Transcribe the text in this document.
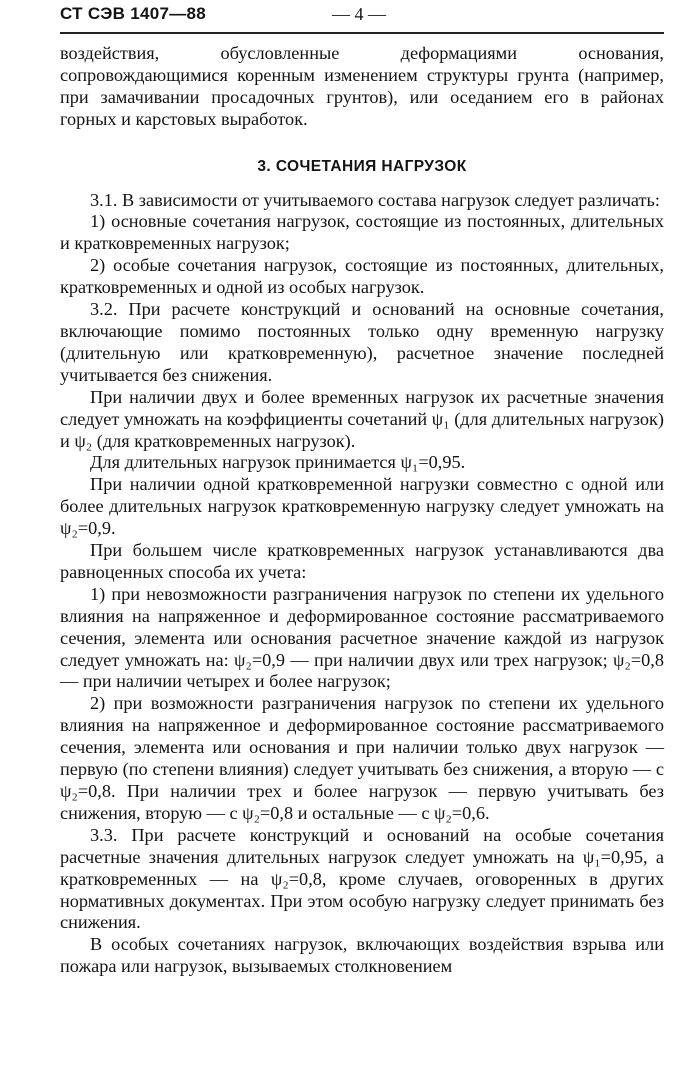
СТ СЭВ 1407—88	— 4 —

воздействия, обусловленные деформациями основания, сопровождающимися коренным изменением структуры грунта (например, при замачивании просадочных грунтов), или оседанием его в районах горных и карстовых выработок.

3. СОЧЕТАНИЯ НАГРУЗОК

3.1. В зависимости от учитываемого состава нагрузок следует различать:

1) основные сочетания нагрузок, состоящие из постоянных, длительных и кратковременных нагрузок;

2) особые сочетания нагрузок, состоящие из постоянных, длительных, кратковременных и одной из особых нагрузок.

3.2. При расчете конструкций и оснований на основные сочетания, включающие помимо постоянных только одну временную нагрузку (длительную или кратковременную), расчетное значение последней учитывается без снижения.

При наличии двух и более временных нагрузок их расчетные значения следует умножать на коэффициенты сочетаний ψ₁ (для длительных нагрузок) и ψ₂ (для кратковременных нагрузок).

Для длительных нагрузок принимается ψ₁=0,95.

При наличии одной кратковременной нагрузки совместно с одной или более длительных нагрузок кратковременную нагрузку следует умножать на ψ₂=0,9.

При большем числе кратковременных нагрузок устанавливаются два равноценных способа их учета:

1) при невозможности разграничения нагрузок по степени их удельного влияния на напряженное и деформированное состояние рассматриваемого сечения, элемента или основания расчетное значение каждой из нагрузок следует умножать на: ψ₂=0,9 — при наличии двух или трех нагрузок; ψ₂=0,8 — при наличии четырех и более нагрузок;

2) при возможности разграничения нагрузок по степени их удельного влияния на напряженное и деформированное состояние рассматриваемого сечения, элемента или основания и при наличии только двух нагрузок — первую (по степени влияния) следует учитывать без снижения, а вторую — с ψ₂=0,8. При наличии трех и более нагрузок — первую учитывать без снижения, вторую — с ψ₂=0,8 и остальные — с ψ₂=0,6.

3.3. При расчете конструкций и оснований на особые сочетания расчетные значения длительных нагрузок следует умножать на ψ₁=0,95, а кратковременных — на ψ₂=0,8, кроме случаев, оговоренных в других нормативных документах. При этом особую нагрузку следует принимать без снижения.

В особых сочетаниях нагрузок, включающих воздействия взрыва или пожара или нагрузок, вызываемых столкновением
